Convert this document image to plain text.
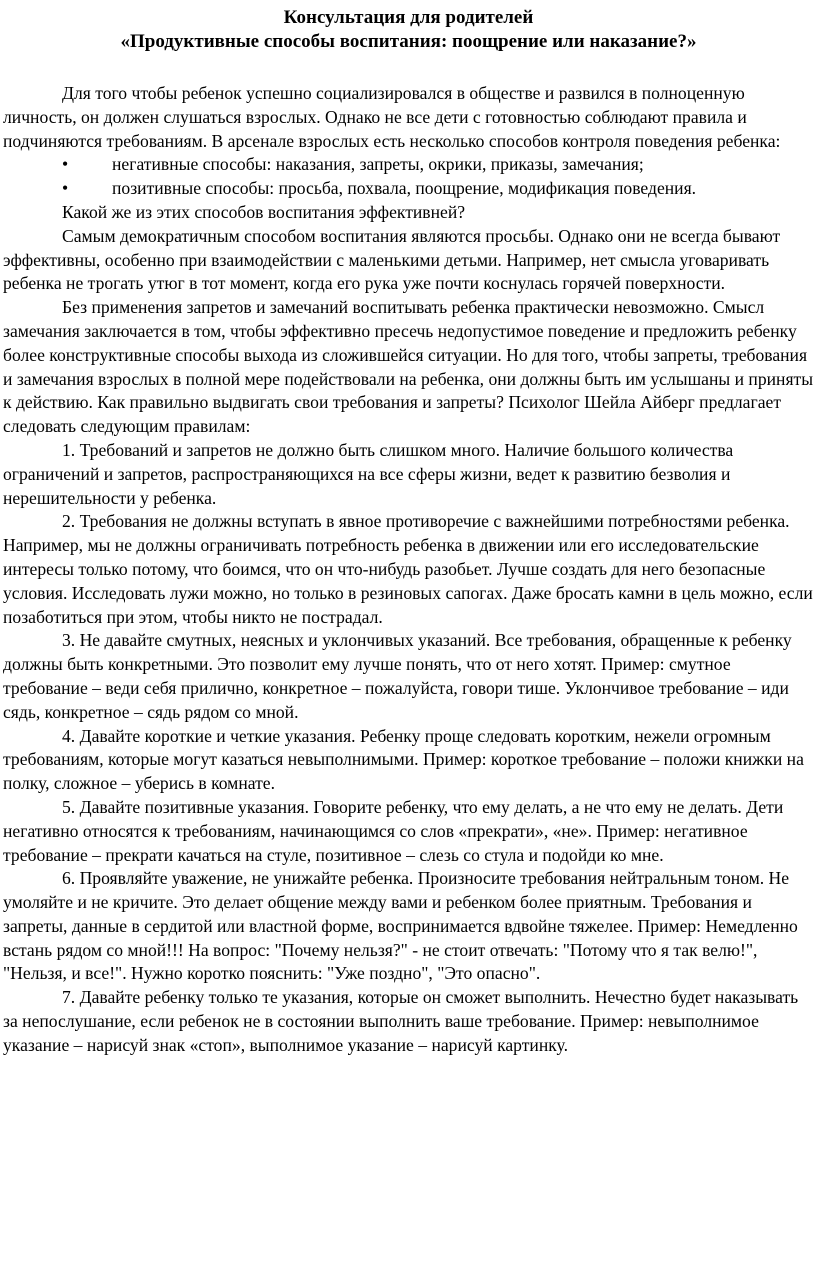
Консультация для родителей

«Продуктивные способы воспитания: поощрение или наказание?»

Для того чтобы ребенок успешно социализировался в обществе и развился в полноценную личность, он должен слушаться взрослых. Однако не все дети с готовностью соблюдают правила и подчиняются требованиям. В арсенале взрослых есть несколько способов контроля поведения ребенка:

•	негативные способы: наказания, запреты, окрики, приказы, замечания;
•	позитивные способы: просьба, похвала, поощрение, модификация поведения.

Какой же из этих способов воспитания эффективней?

Самым демократичным способом воспитания являются просьбы. Однако они не всегда бывают эффективны, особенно при взаимодействии с маленькими детьми. Например, нет смысла уговаривать ребенка не трогать утюг в тот момент, когда его рука уже почти коснулась горячей поверхности.

Без применения запретов и замечаний воспитывать ребенка практически невозможно. Смысл замечания заключается в том, чтобы эффективно пресечь недопустимое поведение и предложить ребенку более конструктивные способы выхода из сложившейся ситуации. Но для того, чтобы запреты, требования и замечания взрослых в полной мере подействовали на ребенка, они должны быть им услышаны и приняты к действию. Как правильно выдвигать свои требования и запреты? Психолог Шейла Айберг предлагает следовать следующим правилам:

1. Требований и запретов не должно быть слишком много. Наличие большого количества ограничений и запретов, распространяющихся на все сферы жизни, ведет к развитию безволия и нерешительности у ребенка.

2. Требования не должны вступать в явное противоречие с важнейшими потребностями ребенка. Например, мы не должны ограничивать потребность ребенка в движении или его исследовательские интересы только потому, что боимся, что он что-нибудь разобьет. Лучше создать для него безопасные условия. Исследовать лужи можно, но только в резиновых сапогах. Даже бросать камни в цель можно, если позаботиться при этом, чтобы никто не пострадал.

3. Не давайте смутных, неясных и уклончивых указаний. Все требования, обращенные к ребенку должны быть конкретными. Это позволит ему лучше понять, что от него хотят. Пример: смутное требование – веди себя прилично, конкретное – пожалуйста, говори тише. Уклончивое требование – иди сядь, конкретное – сядь рядом со мной.

4. Давайте короткие и четкие указания. Ребенку проще следовать коротким, нежели огромным требованиям, которые могут казаться невыполнимыми. Пример: короткое требование – положи книжки на полку, сложное – уберись в комнате.

5. Давайте позитивные указания. Говорите ребенку, что ему делать, а не что ему не делать. Дети негативно относятся к требованиям, начинающимся со слов «прекрати», «не». Пример: негативное требование – прекрати качаться на стуле, позитивное – слезь со стула и подойди ко мне.

6. Проявляйте уважение, не унижайте ребенка. Произносите требования нейтральным тоном. Не умоляйте и не кричите. Это делает общение между вами и ребенком более приятным. Требования и запреты, данные в сердитой или властной форме, воспринимается вдвойне тяжелее. Пример: Немедленно встань рядом со мной!!! На вопрос: "Почему нельзя?" - не стоит отвечать: "Потому что я так велю!", "Нельзя, и все!". Нужно коротко пояснить: "Уже поздно", "Это опасно".

7. Давайте ребенку только те указания, которые он сможет выполнить. Нечестно будет наказывать за непослушание, если ребенок не в состоянии выполнить ваше требование. Пример: невыполнимое указание – нарисуй знак «стоп», выполнимое указание – нарисуй картинку.
